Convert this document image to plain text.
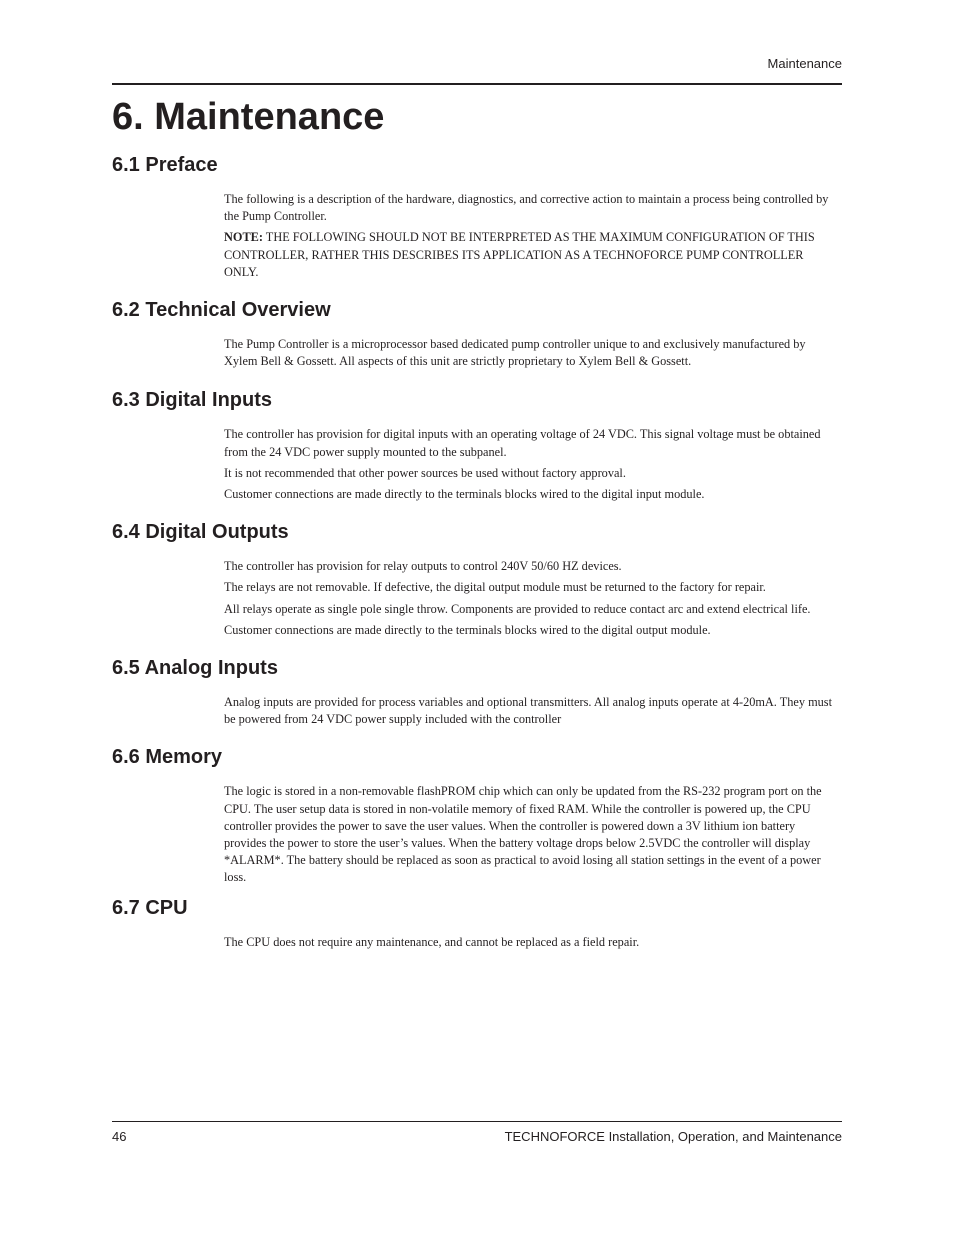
Maintenance
6. Maintenance
6.1 Preface

The following is a description of the hardware, diagnostics, and corrective action to maintain a process being controlled by the Pump Controller.

NOTE: THE FOLLOWING SHOULD NOT BE INTERPRETED AS THE MAXIMUM CONFIGURATION OF THIS CONTROLLER, RATHER THIS DESCRIBES ITS APPLICATION AS A TECHNOFORCE PUMP CONTROLLER ONLY.

6.2 Technical Overview

The Pump Controller is a microprocessor based dedicated pump controller unique to and exclusively manufactured by Xylem Bell & Gossett. All aspects of this unit are strictly proprietary to Xylem Bell & Gossett.

6.3 Digital Inputs

The controller has provision for digital inputs with an operating voltage of 24 VDC. This signal voltage must be obtained from the 24 VDC power supply mounted to the subpanel.

It is not recommended that other power sources be used without factory approval.

Customer connections are made directly to the terminals blocks wired to the digital input module.

6.4 Digital Outputs

The controller has provision for relay outputs to control 240V 50/60 HZ devices.

The relays are not removable. If defective, the digital output module must be returned to the factory for repair.

All relays operate as single pole single throw. Components are provided to reduce contact arc and extend electrical life.

Customer connections are made directly to the terminals blocks wired to the digital output module.

6.5 Analog Inputs

Analog inputs are provided for process variables and optional transmitters. All analog inputs operate at 4-20mA. They must be powered from 24 VDC power supply included with the controller

6.6 Memory

The logic is stored in a non-removable flashPROM chip which can only be updated from the RS-232 program port on the CPU. The user setup data is stored in non-volatile memory of fixed RAM. While the controller is powered up, the CPU controller provides the power to save the user values. When the controller is powered down a 3V lithium ion battery provides the power to store the user’s values. When the battery voltage drops below 2.5VDC the controller will display *ALARM*. The battery should be replaced as soon as practical to avoid losing all station settings in the event of a power loss.

6.7 CPU

The CPU does not require any maintenance, and cannot be replaced as a field repair.

46	TECHNOFORCE Installation, Operation, and Maintenance
